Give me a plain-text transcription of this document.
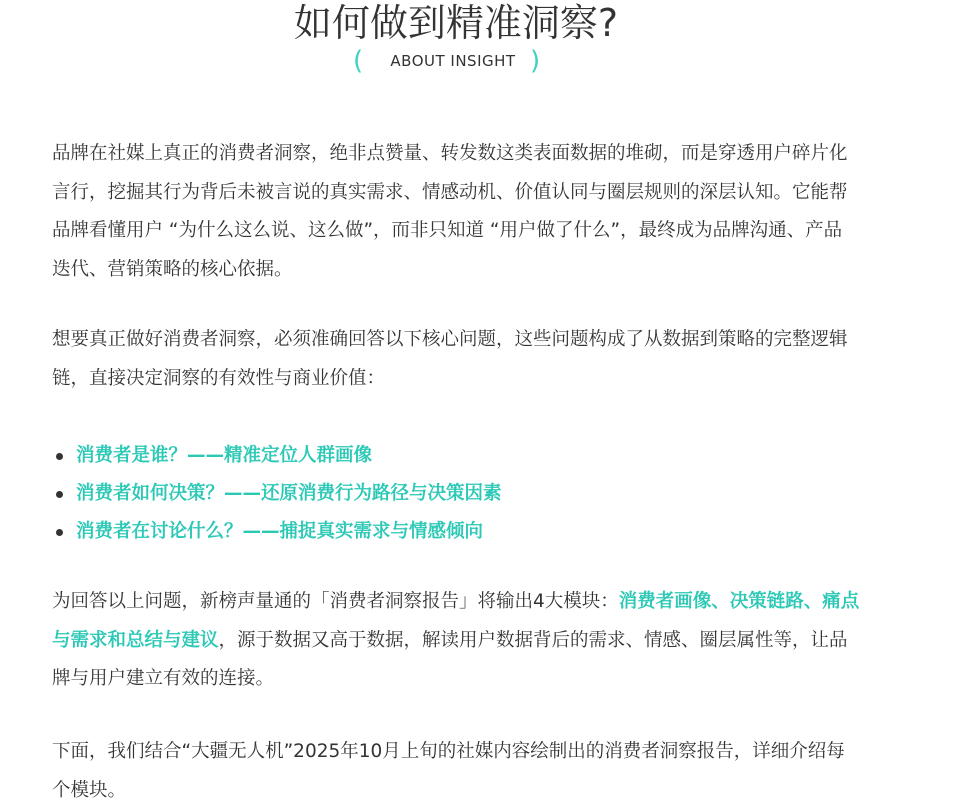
如何做到精准洞察?
(	ABOUT INSIGHT )

品牌在社媒上真正的消费者洞察，绝非点赞量、转发数这类表面数据的堆砌，而是穿透用户碎片化言行，挖掘其行为背后未被言说的真实需求、情感动机、价值认同与圈层规则的深层认知。它能帮品牌看懂用户 “为什么这么说、这么做”，而非只知道 “用户做了什么”，最终成为品牌沟通、产品迭代、营销策略的核心依据。

想要真正做好消费者洞察，必须准确回答以下核心问题，这些问题构成了从数据到策略的完整逻辑链，直接决定洞察的有效性与商业价值：

消费者是谁？——精准定位人群画像
消费者如何决策？——还原消费行为路径与决策因素
消费者在讨论什么？——捕捉真实需求与情感倾向

为回答以上问题，新榜声量通的「消费者洞察报告」将输出4大模块：消费者画像、决策链路、痛点与需求和总结与建议，源于数据又高于数据，解读用户数据背后的需求、情感、圈层属性等，让品牌与用户建立有效的连接。

下面，我们结合“大疆无人机”2025年10月上旬的社媒内容绘制出的消费者洞察报告，详细介绍每个模块。
